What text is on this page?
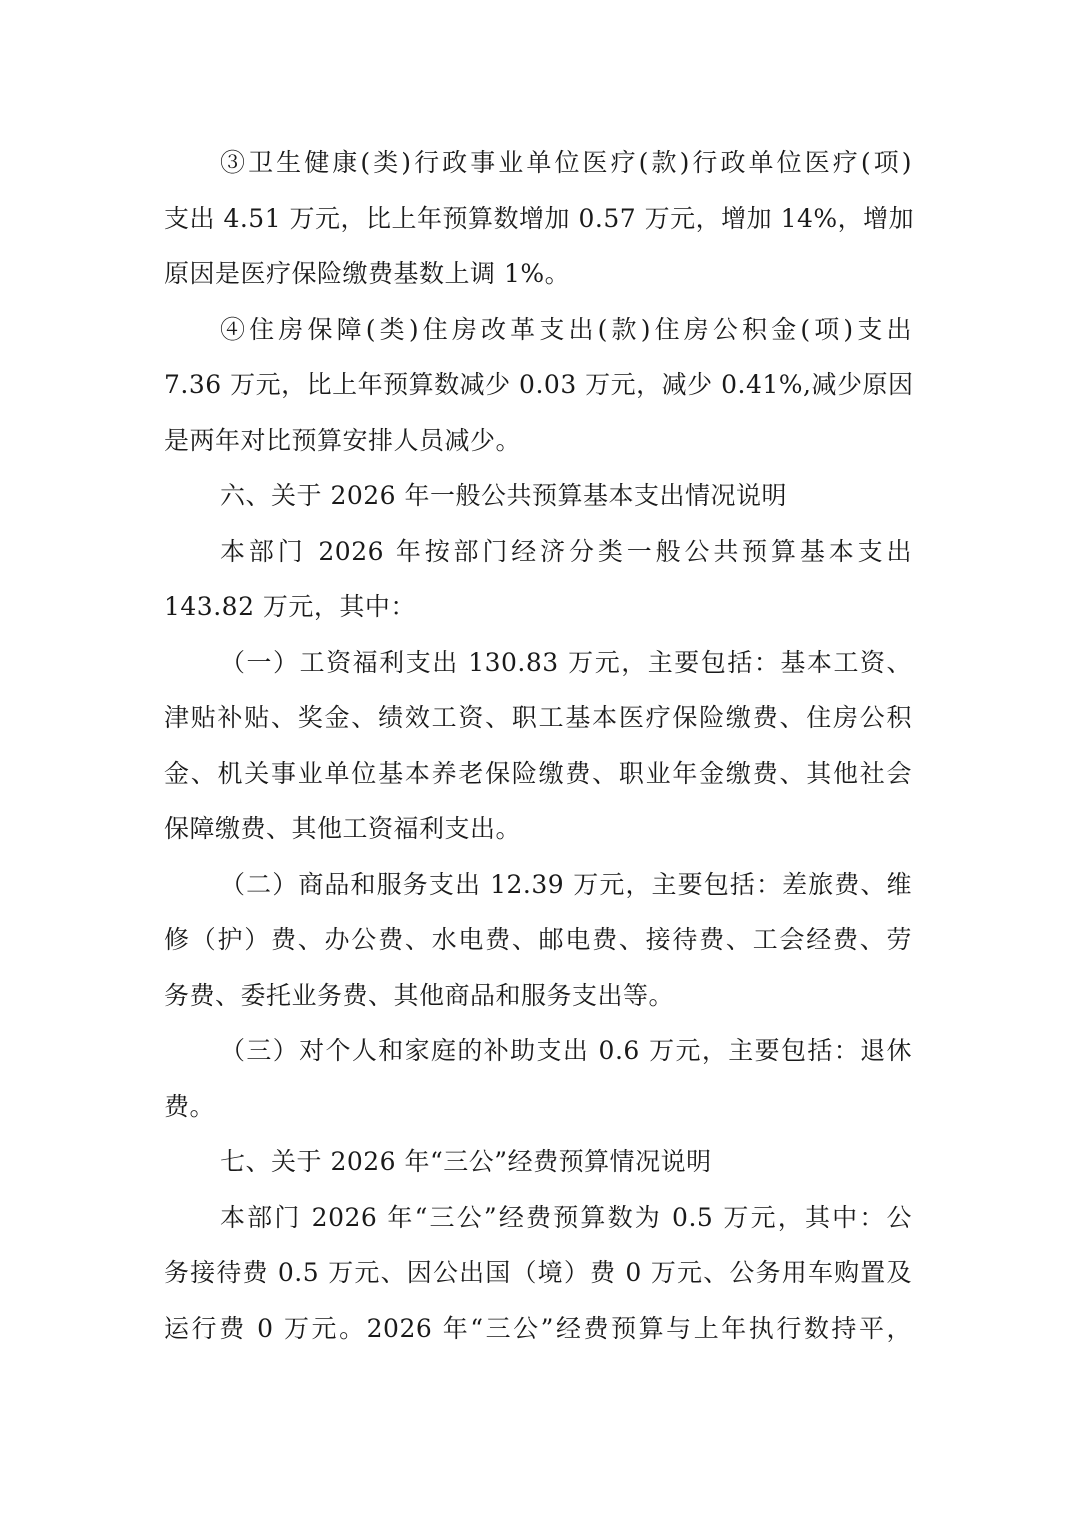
③卫生健康(类)行政事业单位医疗(款)行政单位医疗(项)
支出 4.51 万元，比上年预算数增加 0.57 万元，增加 14%，增加
原因是医疗保险缴费基数上调 1%。
④住房保障(类)住房改革支出(款)住房公积金(项)支出
7.36 万元，比上年预算数减少 0.03 万元，减少 0.41%,减少原因
是两年对比预算安排人员减少。
六、关于 2026 年一般公共预算基本支出情况说明
本部门 2026 年按部门经济分类一般公共预算基本支出
143.82 万元，其中：
（一）工资福利支出 130.83 万元，主要包括：基本工资、
津贴补贴、奖金、绩效工资、职工基本医疗保险缴费、住房公积
金、机关事业单位基本养老保险缴费、职业年金缴费、其他社会
保障缴费、其他工资福利支出。
（二）商品和服务支出 12.39 万元，主要包括：差旅费、维
修（护）费、办公费、水电费、邮电费、接待费、工会经费、劳
务费、委托业务费、其他商品和服务支出等。
（三）对个人和家庭的补助支出 0.6 万元，主要包括：退休
费。
七、关于 2026 年“三公”经费预算情况说明
本部门 2026 年“三公”经费预算数为 0.5 万元，其中：公
务接待费 0.5 万元、因公出国（境）费 0 万元、公务用车购置及
运行费 0 万元。2026 年“三公”经费预算与上年执行数持平，
